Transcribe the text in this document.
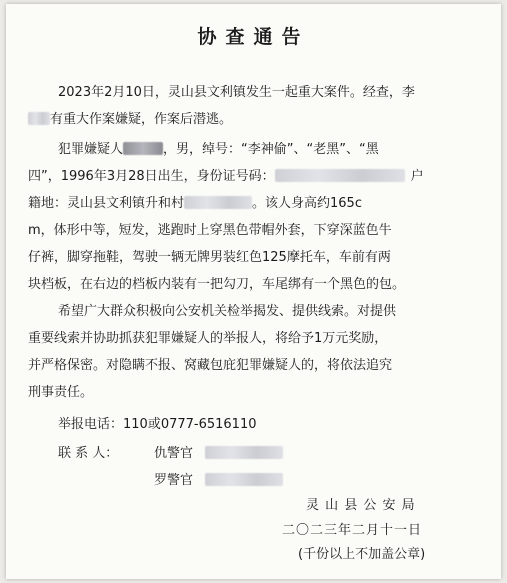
协查通告
2023年2月10日，灵山县文利镇发生一起重大案件。经查，李
有重大作案嫌疑，作案后潜逃。
犯罪嫌疑人	，男，绰号：“李神偷”、“老黑”、“黑
四”，1996年3月28日出生，身份证号码：	户
籍地：灵山县文利镇升和村	。该人身高约165c
m，体形中等，短发，逃跑时上穿黑色带帽外套，下穿深蓝色牛
仔裤，脚穿拖鞋，驾驶一辆无牌男装红色125摩托车，车前有两
块档板，在右边的档板内装有一把勾刀，车尾绑有一个黑色的包。
希望广大群众积极向公安机关检举揭发、提供线索。对提供
重要线索并协助抓获犯罪嫌疑人的举报人，将给予1万元奖励，
并严格保密。对隐瞒不报、窝藏包庇犯罪嫌疑人的，将依法追究
刑事责任。
举报电话：110或0777-6516110
联 系 人：	仇警官
罗警官
灵 山 县 公 安 局
二〇二三年二月十一日
(千份以上不加盖公章)
